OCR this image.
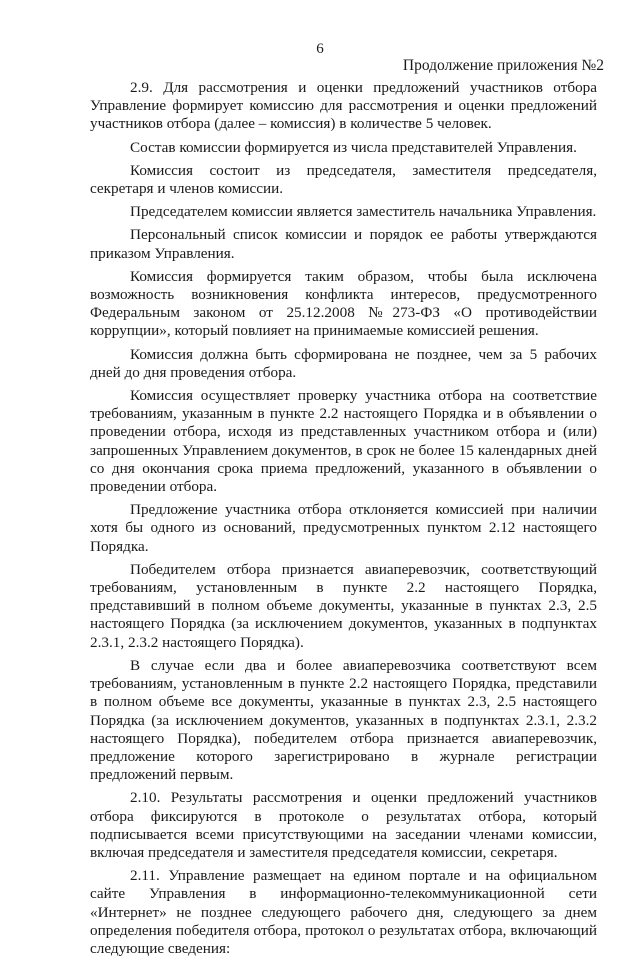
6
Продолжение приложения №2

2.9. Для рассмотрения и оценки предложений участников отбора Управление формирует комиссию для рассмотрения и оценки предложений участников отбора (далее – комиссия) в количестве 5 человек.

Состав комиссии формируется из числа представителей Управления.

Комиссия состоит из председателя, заместителя председателя, секретаря и членов комиссии.

Председателем комиссии является заместитель начальника Управления.

Персональный список комиссии и порядок ее работы утверждаются приказом Управления.

Комиссия формируется таким образом, чтобы была исключена возможность возникновения конфликта интересов, предусмотренного Федеральным законом от 25.12.2008 №273-ФЗ «О противодействии коррупции», который повлияет на принимаемые комиссией решения.

Комиссия должна быть сформирована не позднее, чем за 5 рабочих дней до дня проведения отбора.

Комиссия осуществляет проверку участника отбора на соответствие требованиям, указанным в пункте 2.2 настоящего Порядка и в объявлении о проведении отбора, исходя из представленных участником отбора и (или) запрошенных Управлением документов, в срок не более 15 календарных дней со дня окончания срока приема предложений, указанного в объявлении о проведении отбора.

Предложение участника отбора отклоняется комиссией при наличии хотя бы одного из оснований, предусмотренных пунктом 2.12 настоящего Порядка.

Победителем отбора признается авиаперевозчик, соответствующий требованиям, установленным в пункте 2.2 настоящего Порядка, представивший в полном объеме документы, указанные в пунктах 2.3, 2.5 настоящего Порядка (за исключением документов, указанных в подпунктах 2.3.1, 2.3.2 настоящего Порядка).

В случае если два и более авиаперевозчика соответствуют всем требованиям, установленным в пункте 2.2 настоящего Порядка, представили в полном объеме все документы, указанные в пунктах 2.3, 2.5 настоящего Порядка (за исключением документов, указанных в подпунктах 2.3.1, 2.3.2 настоящего Порядка), победителем отбора признается авиаперевозчик, предложение которого зарегистрировано в журнале регистрации предложений первым.

2.10. Результаты рассмотрения и оценки предложений участников отбора фиксируются в протоколе о результатах отбора, который подписывается всеми присутствующими на заседании членами комиссии, включая председателя и заместителя председателя комиссии, секретаря.

2.11. Управление размещает на едином портале и на официальном сайте Управления в информационно-телекоммуникационной сети «Интернет» не позднее следующего рабочего дня, следующего за днем определения победителя отбора, протокол о результатах отбора, включающий следующие сведения:
